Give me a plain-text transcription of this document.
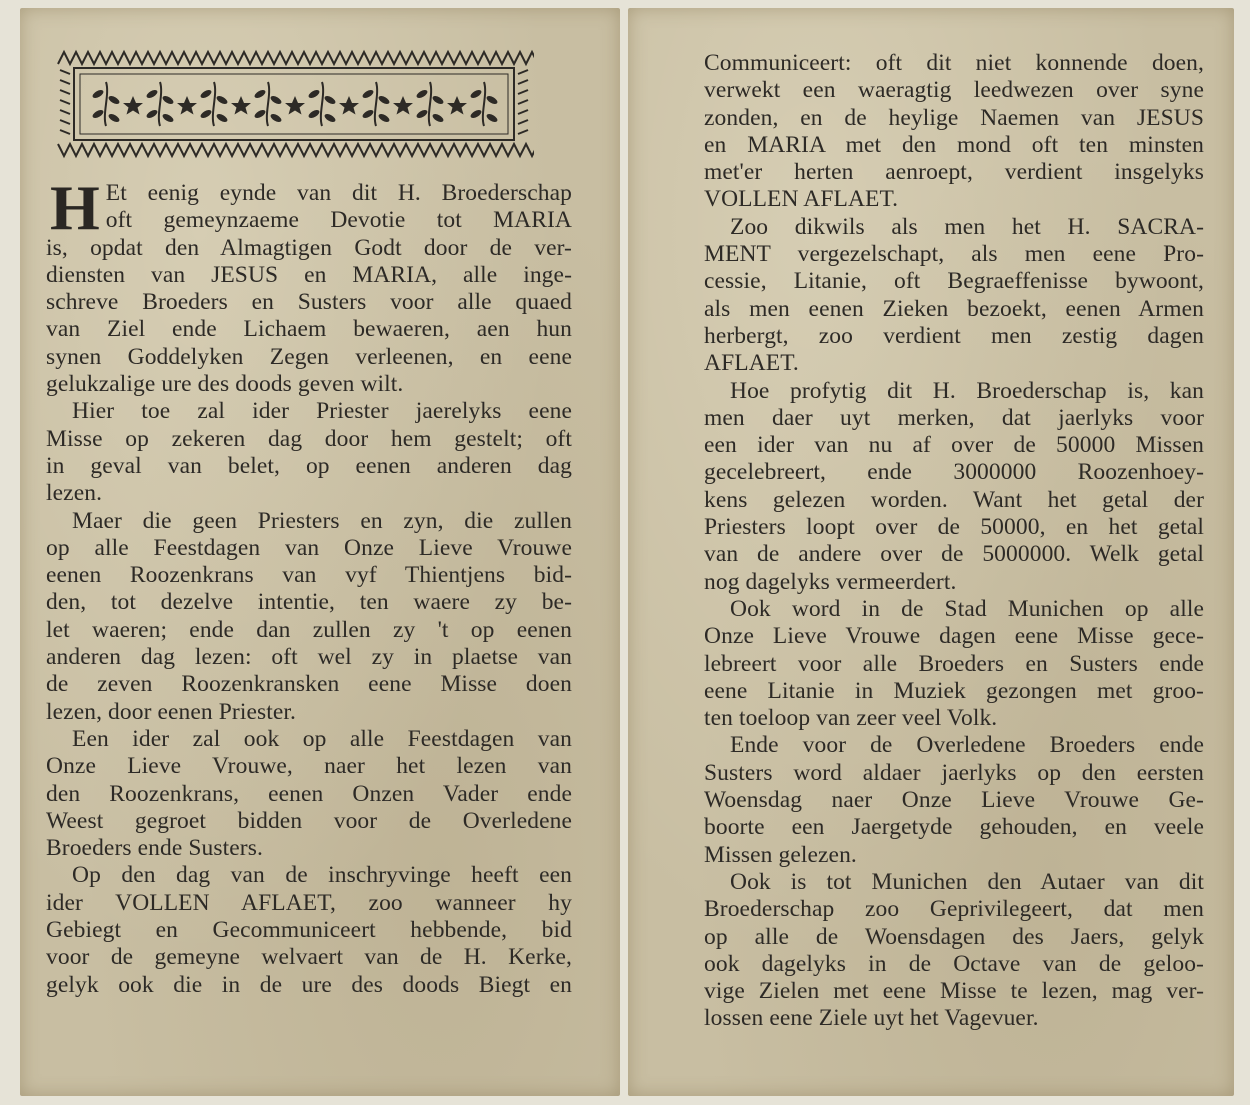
H Et eenig eynde van dit H. Broederschap
oft gemeynzaeme Devotie tot MARIA
is, opdat den Almagtigen Godt door de ver-
diensten van JESUS en MARIA, alle inge-
schreve Broeders en Susters voor alle quaed
van Ziel ende Lichaem bewaeren, aen hun
synen Goddelyken Zegen verleenen, en eene
gelukzalige ure des doods geven wilt.
Hier toe zal ider Priester jaerelyks eene
Misse op zekeren dag door hem gestelt; oft
in geval van belet, op eenen anderen dag
lezen.
Maer die geen Priesters en zyn, die zullen
op alle Feestdagen van Onze Lieve Vrouwe
eenen Roozenkrans van vyf Thientjens bid-
den, tot dezelve intentie, ten waere zy be-
let waeren; ende dan zullen zy 't op eenen
anderen dag lezen: oft wel zy in plaetse van
de zeven Roozenkransken eene Misse doen
lezen, door eenen Priester.
Een ider zal ook op alle Feestdagen van
Onze Lieve Vrouwe, naer het lezen van
den Roozenkrans, eenen Onzen Vader ende
Weest gegroet bidden voor de Overledene
Broeders ende Susters.
Op den dag van de inschryvinge heeft een
ider VOLLEN AFLAET, zoo wanneer hy
Gebiegt en Gecommuniceert hebbende, bid
voor de gemeyne welvaert van de H. Kerke,
gelyk ook die in de ure des doods Biegt en
Communiceert: oft dit niet konnende doen,
verwekt een waeragtig leedwezen over syne
zonden, en de heylige Naemen van JESUS
en MARIA met den mond oft ten minsten
met'er herten aenroept, verdient insgelyks
VOLLEN AFLAET.
Zoo dikwils als men het H. SACRA-
MENT vergezelschapt, als men eene Pro-
cessie, Litanie, oft Begraeffenisse bywoont,
als men eenen Zieken bezoekt, eenen Armen
herbergt, zoo verdient men zestig dagen
AFLAET.
Hoe profytig dit H. Broederschap is, kan
men daer uyt merken, dat jaerlyks voor
een ider van nu af over de 50000 Missen
gecelebreert, ende 3000000 Roozenhoey-
kens gelezen worden. Want het getal der
Priesters loopt over de 50000, en het getal
van de andere over de 5000000. Welk getal
nog dagelyks vermeerdert.
Ook word in de Stad Munichen op alle
Onze Lieve Vrouwe dagen eene Misse gece-
lebreert voor alle Broeders en Susters ende
eene Litanie in Muziek gezongen met groo-
ten toeloop van zeer veel Volk.
Ende voor de Overledene Broeders ende
Susters word aldaer jaerlyks op den eersten
Woensdag naer Onze Lieve Vrouwe Ge-
boorte een Jaergetyde gehouden, en veele
Missen gelezen.
Ook is tot Munichen den Autaer van dit
Broederschap zoo Geprivilegeert, dat men
op alle de Woensdagen des Jaers, gelyk
ook dagelyks in de Octave van de geloo-
vige Zielen met eene Misse te lezen, mag ver-
lossen eene Ziele uyt het Vagevuer.
